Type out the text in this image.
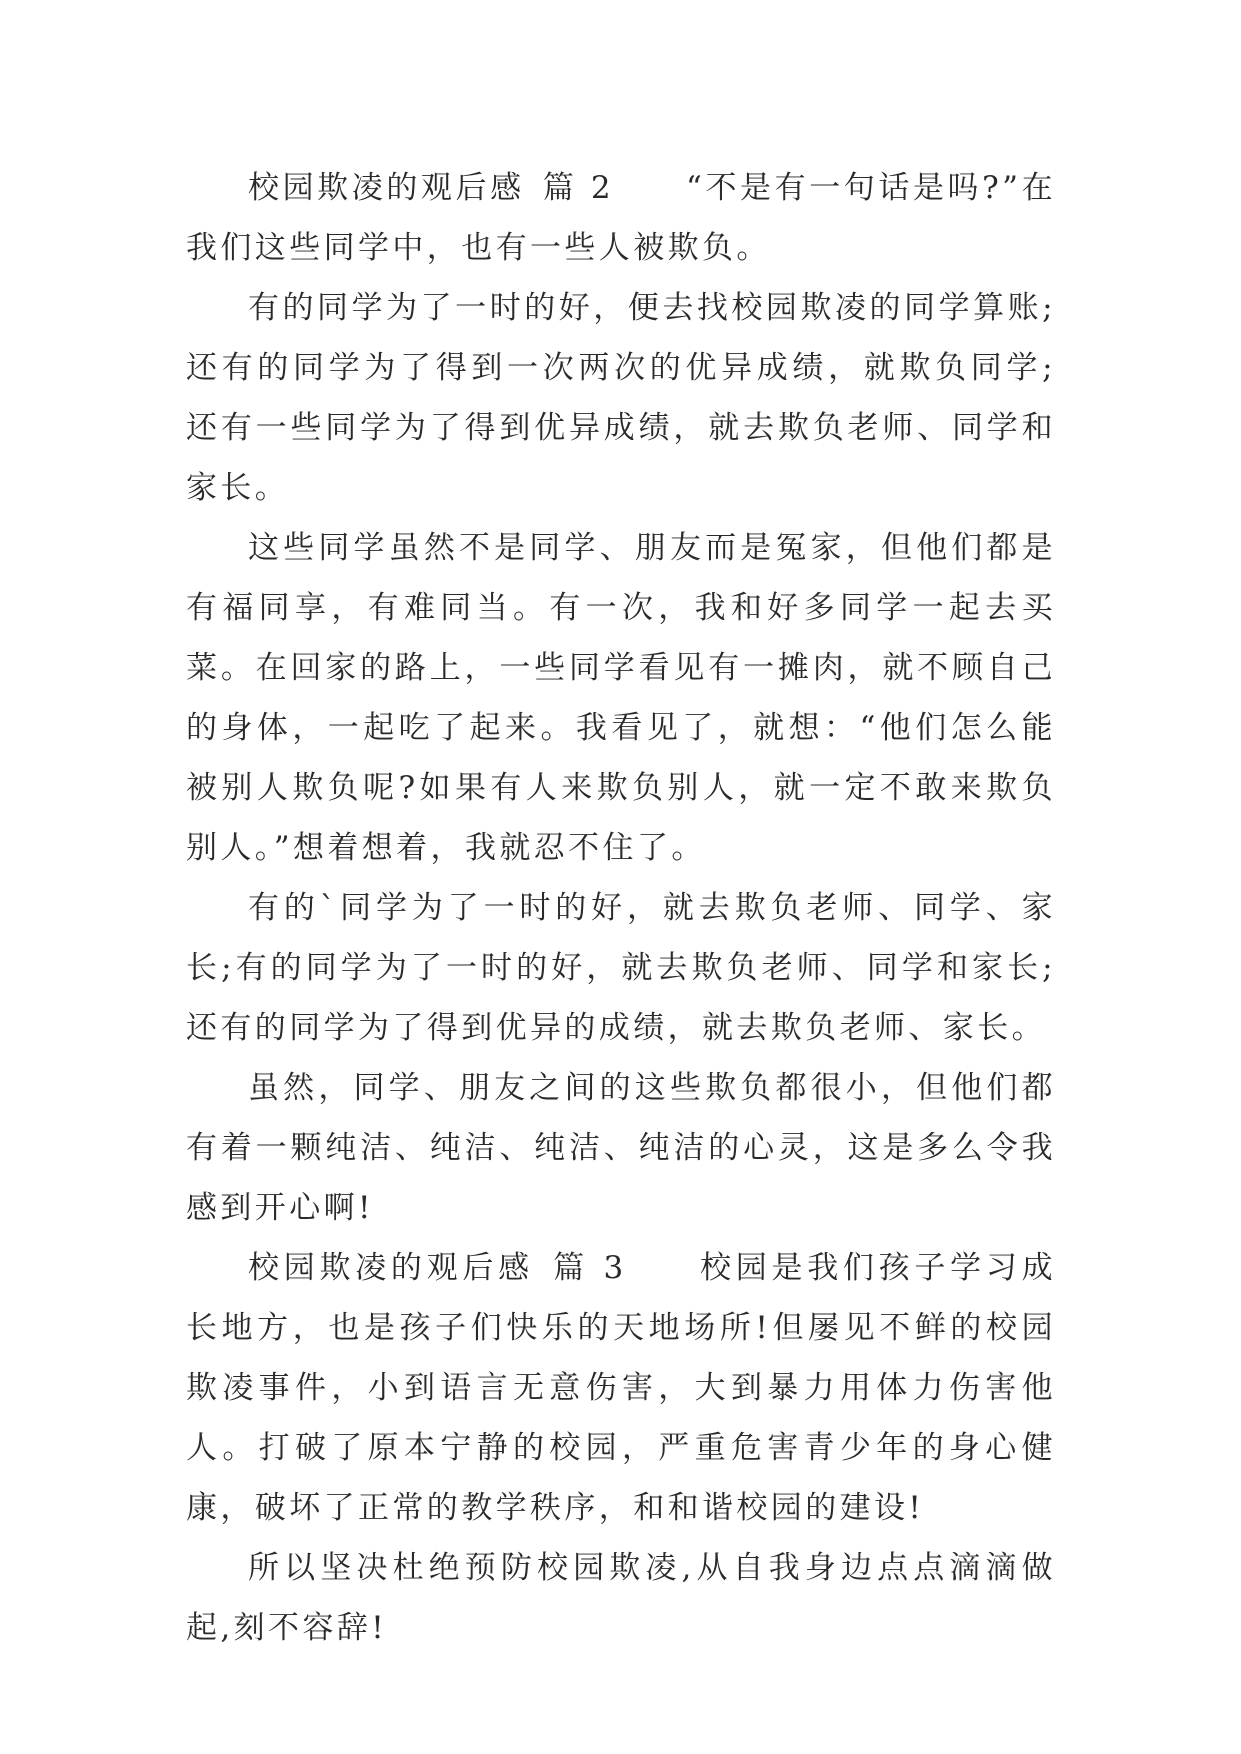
校园欺凌的观后感 篇 2 “不是有一句话是吗?”在我们这些同学中，也有一些人被欺负。

有的同学为了一时的好，便去找校园欺凌的同学算账;还有的同学为了得到一次两次的优异成绩，就欺负同学;还有一些同学为了得到优异成绩，就去欺负老师、同学和家长。

这些同学虽然不是同学、朋友而是冤家，但他们都是有福同享，有难同当。有一次，我和好多同学一起去买菜。在回家的路上，一些同学看见有一摊肉，就不顾自己的身体，一起吃了起来。我看见了，就想：“他们怎么能被别人欺负呢?如果有人来欺负别人，就一定不敢来欺负别人。”想着想着，我就忍不住了。

有的`同学为了一时的好，就去欺负老师、同学、家长;有的同学为了一时的好，就去欺负老师、同学和家长;还有的同学为了得到优异的成绩，就去欺负老师、家长。

虽然，同学、朋友之间的这些欺负都很小，但他们都有着一颗纯洁、纯洁、纯洁、纯洁的心灵，这是多么令我感到开心啊!

校园欺凌的观后感 篇 3 校园是我们孩子学习成长地方，也是孩子们快乐的天地场所!但屡见不鲜的校园欺凌事件，小到语言无意伤害，大到暴力用体力伤害他人。打破了原本宁静的校园，严重危害青少年的身心健康，破坏了正常的教学秩序，和和谐校园的建设!

所以坚决杜绝预防校园欺凌,从自我身边点点滴滴做起,刻不容辞!
